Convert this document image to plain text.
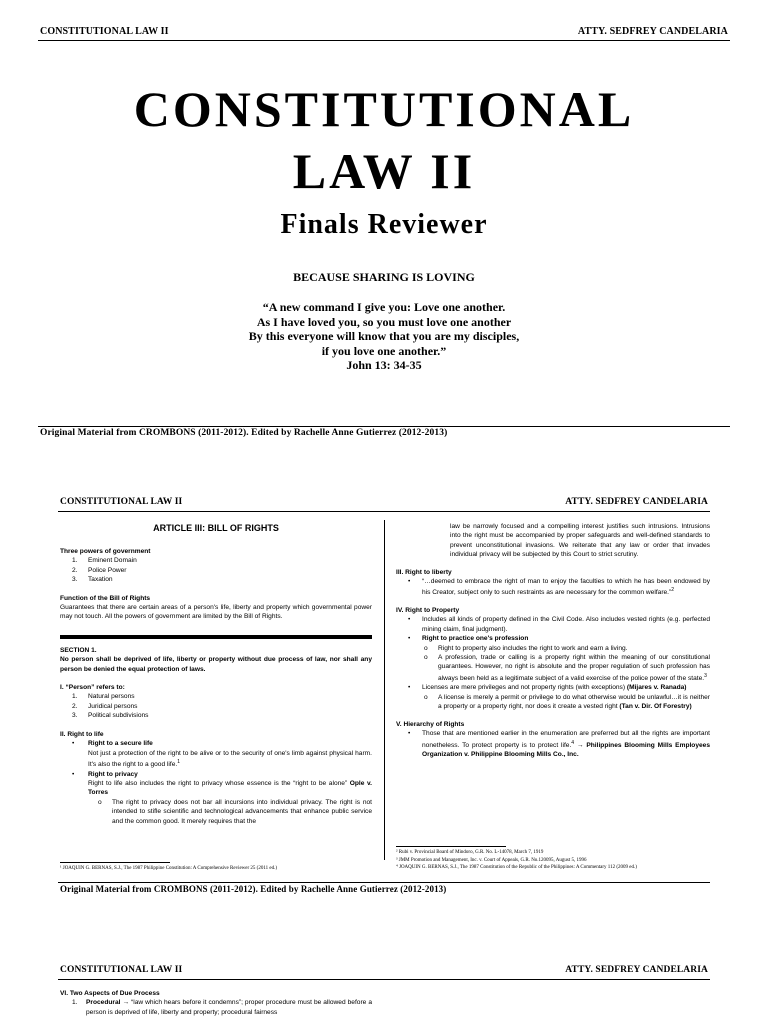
CONSTITUTIONAL LAW II	ATTY. SEDFREY CANDELARIA
CONSTITUTIONAL
LAW II
Finals Reviewer
BECAUSE SHARING IS LOVING
“A new command I give you: Love one another.
As I have loved you, so you must love one another
By this everyone will know that you are my disciples,
if you love one another.”
John 13: 34-35
Original Material from CROMBONS (2011-2012). Edited by Rachelle Anne Gutierrez (2012-2013)
CONSTITUTIONAL LAW II	ATTY. SEDFREY CANDELARIA
ARTICLE III: BILL OF RIGHTS
Three powers of government
1. Eminent Domain
2. Police Power
3. Taxation
Function of the Bill of Rights
Guarantees that there are certain areas of a person's life, liberty and property which governmental power may not touch. All the powers of government are limited by the Bill of Rights.
SECTION 1.
No person shall be deprived of life, liberty or property without due process of law, nor shall any person be denied the equal protection of laws.
I. “Person” refers to:
1. Natural persons
2. Juridical persons
3. Political subdivisions
II. Right to life
• Right to a secure life
Not just a protection of the right to be alive or to the security of one's limb against physical harm. It's also the right to a good life.$^1$
• Right to privacy
Right to life also includes the right to privacy whose essence is the “right to be alone” Ople v. Torres
o The right to privacy does not bar all incursions into individual privacy. The right is not intended to stifle scientific and technological advancements that enhance public service and the common good. It merely requires that the
¹ JOAQUIN G. BERNAS, S.J., The 1987 Philippine Constitution: A Comprehensive Reviewer 25 (2011 ed.)
law be narrowly focused and a compelling interest justifies such intrusions. Intrusions into the right must be accompanied by proper safeguards and well-defined standards to prevent unconstitutional invasions. We reiterate that any law or order that invades individual privacy will be subjected by this Court to strict scrutiny.
III. Right to liberty
• “…deemed to embrace the right of man to enjoy the faculties to which he has been endowed by his Creator, subject only to such restraints as are necessary for the common welfare.”$^2$
IV. Right to Property
• Includes all kinds of property defined in the Civil Code. Also includes vested rights (e.g. perfected mining claim, final judgment).
• Right to practice one's profession
o Right to property also includes the right to work and earn a living.
o A profession, trade or calling is a property right within the meaning of our constitutional guarantees. However, no right is absolute and the proper regulation of such profession has always been held as a legitimate subject of a valid exercise of the police power of the state.$^3$
• Licenses are mere privileges and not property rights (with exceptions) (Mijares v. Ranada)
o A license is merely a permit or privilege to do what otherwise would be unlawful…it is neither a property or a property right, nor does it create a vested right (Tan v. Dir. Of Forestry)
V. Hierarchy of Rights
• Those that are mentioned earlier in the enumeration are preferred but all the rights are important nonetheless. To protect property is to protect life.$^4$ → Philippines Blooming Mills Employees Organization v. Philippine Blooming Mills Co., Inc.
² Rubi v. Provincial Board of Mindoro, G.R. No. L-14078, March 7, 1919
³ JMM Promotion and Management, Inc. v. Court of Appeals, G.R. No.120095, August 5, 1996
⁴ JOAQUIN G. BERNAS, S.J., The 1987 Constitution of the Republic of the Philippines: A Commentary 112 (2009 ed.)
Original Material from CROMBONS (2011-2012). Edited by Rachelle Anne Gutierrez (2012-2013)
CONSTITUTIONAL LAW II	ATTY. SEDFREY CANDELARIA
VI. Two Aspects of Due Process
1. Procedural → “law which hears before it condemns”; proper procedure must be allowed before a person is deprived of life, liberty and property; procedural fairness
